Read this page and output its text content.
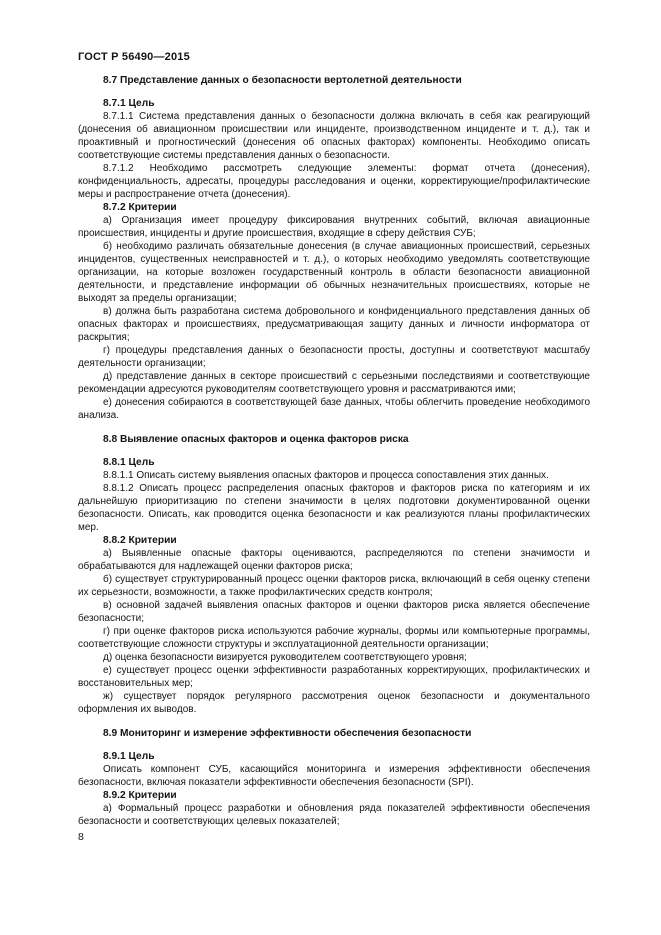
ГОСТ Р 56490—2015
8.7 Представление данных о безопасности вертолетной деятельности
8.7.1 Цель

8.7.1.1 Система представления данных о безопасности должна включать в себя как реагирующий (донесения об авиационном происшествии или инциденте, производственном инциденте и т. д.), так и проактивный и прогностический (донесения об опасных факторах) компоненты. Необходимо описать соответствующие системы представления данных о безопасности.

8.7.1.2 Необходимо рассмотреть следующие элементы: формат отчета (донесения), конфиденциальность, адресаты, процедуры расследования и оценки, корректирующие/профилактические меры и распространение отчета (донесения).

8.7.2 Критерии

а) Организация имеет процедуру фиксирования внутренних событий, включая авиационные происшествия, инциденты и другие происшествия, входящие в сферу действия СУБ;

б) необходимо различать обязательные донесения (в случае авиационных происшествий, серьезных инцидентов, существенных неисправностей и т. д.), о которых необходимо уведомлять соответствующие организации, на которые возложен государственный контроль в области безопасности авиационной деятельности, и представление информации об обычных незначительных происшествиях, которые не выходят за пределы организации;

в) должна быть разработана система добровольного и конфиденциального представления данных об опасных факторах и происшествиях, предусматривающая защиту данных и личности информатора от раскрытия;

г) процедуры представления данных о безопасности просты, доступны и соответствуют масштабу деятельности организации;

д) представление данных в секторе происшествий с серьезными последствиями и соответствующие рекомендации адресуются руководителям соответствующего уровня и рассматриваются ими;

е) донесения собираются в соответствующей базе данных, чтобы облегчить проведение необходимого анализа.

8.8 Выявление опасных факторов и оценка факторов риска
8.8.1 Цель

8.8.1.1 Описать систему выявления опасных факторов и процесса сопоставления этих данных.

8.8.1.2 Описать процесс распределения опасных факторов и факторов риска по категориям и их дальнейшую приоритизацию по степени значимости в целях подготовки документированной оценки безопасности. Описать, как проводится оценка безопасности и как реализуются планы профилактических мер.

8.8.2 Критерии

а) Выявленные опасные факторы оцениваются, распределяются по степени значимости и обрабатываются для надлежащей оценки факторов риска;

б) существует структурированный процесс оценки факторов риска, включающий в себя оценку степени их серьезности, возможности, а также профилактических средств контроля;

в) основной задачей выявления опасных факторов и оценки факторов риска является обеспечение безопасности;

г) при оценке факторов риска используются рабочие журналы, формы или компьютерные программы, соответствующие сложности структуры и эксплуатационной деятельности организации;

д) оценка безопасности визируется руководителем соответствующего уровня;

е) существует процесс оценки эффективности разработанных корректирующих, профилактических и восстановительных мер;

ж) существует порядок регулярного рассмотрения оценок безопасности и документального оформления их выводов.

8.9 Мониторинг и измерение эффективности обеспечения безопасности
8.9.1 Цель

Описать компонент СУБ, касающийся мониторинга и измерения эффективности обеспечения безопасности, включая показатели эффективности обеспечения безопасности (SPI).

8.9.2 Критерии

а) Формальный процесс разработки и обновления ряда показателей эффективности обеспечения безопасности и соответствующих целевых показателей;

8
